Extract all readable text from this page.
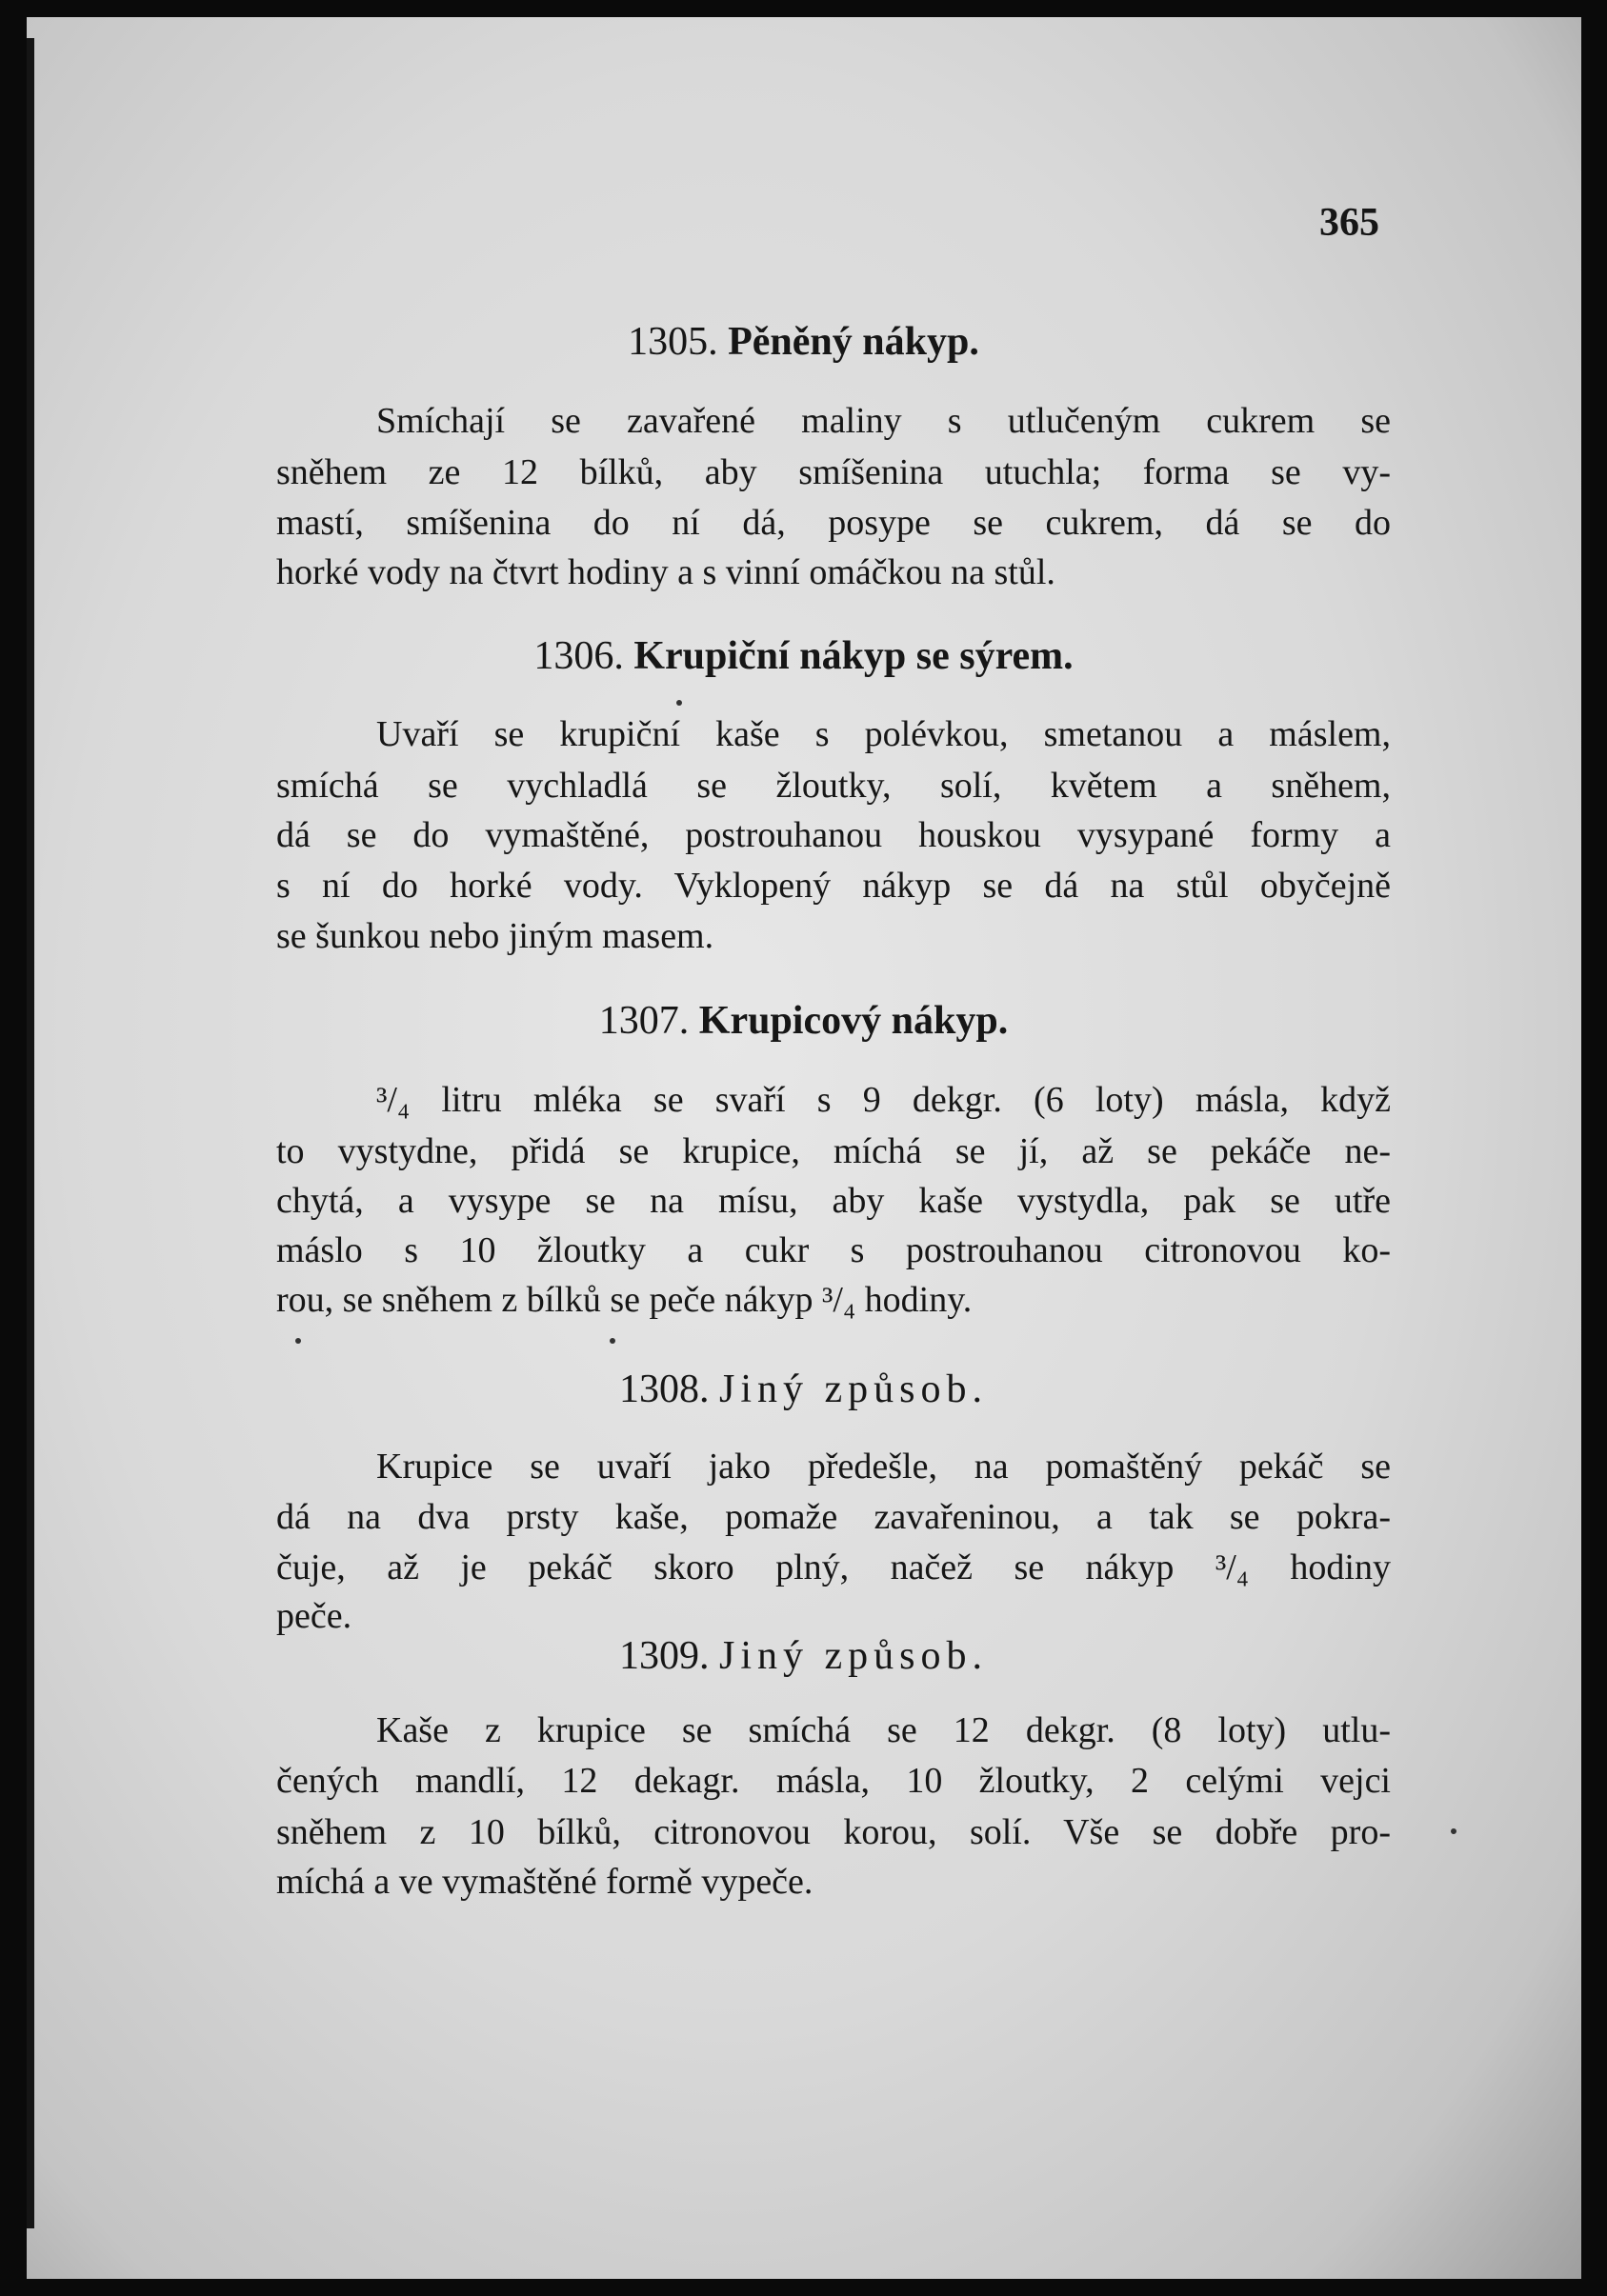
365
1305. Pěněný nákyp.
Smíchají se zavařené maliny s utlučeným cukrem se
sněhem ze 12 bílků, aby smíšenina utuchla; forma se vy-
mastí, smíšenina do ní dá, posype se cukrem, dá se do
horké vody na čtvrt hodiny a s vinní omáčkou na stůl.
1306. Krupiční nákyp se sýrem.
Uvaří se krupiční kaše s polévkou, smetanou a máslem,
smíchá se vychladlá se žloutky, solí, květem a sněhem,
dá se do vymaštěné, postrouhanou houskou vysypané formy a
s ní do horké vody. Vyklopený nákyp se dá na stůl obyčejně
se šunkou nebo jiným masem.
1307. Krupicový nákyp.
³/₄ litru mléka se svaří s 9 dekgr. (6 loty) másla, když
to vystydne, přidá se krupice, míchá se jí, až se pekáče ne-
chytá, a vysype se na mísu, aby kaše vystydla, pak se utře
máslo s 10 žloutky a cukr s postrouhanou citronovou ko-
rou, se sněhem z bílků se peče nákyp ³/₄ hodiny.
1308. Jiný způsob.
Krupice se uvaří jako předešle, na pomaštěný pekáč se
dá na dva prsty kaše, pomaže zavařeninou, a tak se pokra-
čuje, až je pekáč skoro plný, načež se nákyp ³/₄ hodiny
peče.
1309. Jiný způsob.
Kaše z krupice se smíchá se 12 dekgr. (8 loty) utlu-
čených mandlí, 12 dekagr. másla, 10 žloutky, 2 celými vejci
sněhem z 10 bílků, citronovou korou, solí. Vše se dobře pro-
míchá a ve vymaštěné formě vypeče.
